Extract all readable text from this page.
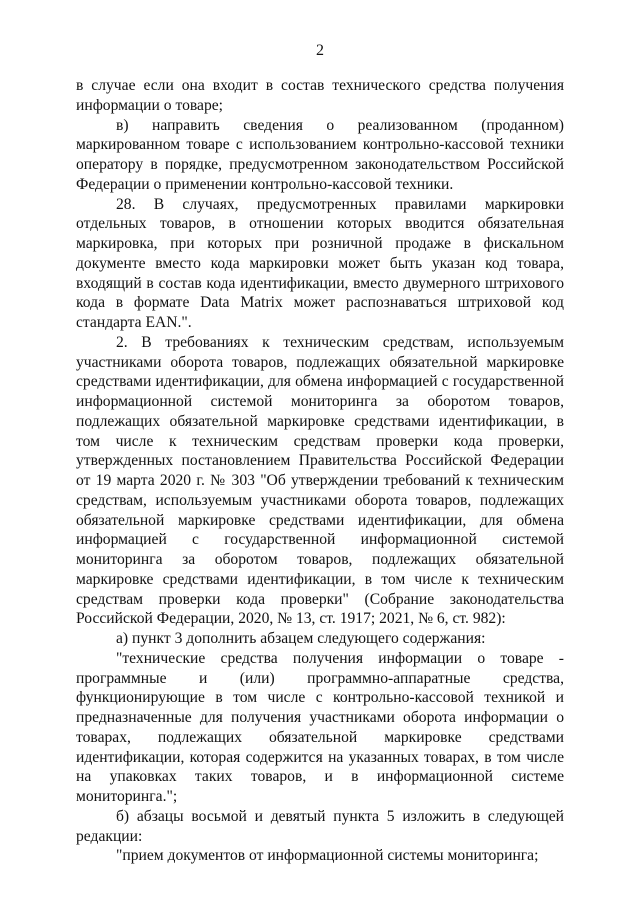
2

в случае если она входит в состав технического средства получения информации о товаре;

в) направить сведения о реализованном (проданном) маркированном товаре с использованием контрольно-кассовой техники оператору в порядке, предусмотренном законодательством Российской Федерации о применении контрольно-кассовой техники.

28. В случаях, предусмотренных правилами маркировки отдельных товаров, в отношении которых вводится обязательная маркировка, при которых при розничной продаже в фискальном документе вместо кода маркировки может быть указан код товара, входящий в состав кода идентификации, вместо двумерного штрихового кода в формате Data Matrix может распознаваться штриховой код стандарта EAN.".

2. В требованиях к техническим средствам, используемым участниками оборота товаров, подлежащих обязательной маркировке средствами идентификации, для обмена информацией с государственной информационной системой мониторинга за оборотом товаров, подлежащих обязательной маркировке средствами идентификации, в том числе к техническим средствам проверки кода проверки, утвержденных постановлением Правительства Российской Федерации от 19 марта 2020 г. № 303 "Об утверждении требований к техническим средствам, используемым участниками оборота товаров, подлежащих обязательной маркировке средствами идентификации, для обмена информацией с государственной информационной системой мониторинга за оборотом товаров, подлежащих обязательной маркировке средствами идентификации, в том числе к техническим средствам проверки кода проверки" (Собрание законодательства Российской Федерации, 2020, № 13, ст. 1917; 2021, № 6, ст. 982):

а) пункт 3 дополнить абзацем следующего содержания:

"технические средства получения информации о товаре - программные и (или) программно-аппаратные средства, функционирующие в том числе с контрольно-кассовой техникой и предназначенные для получения участниками оборота информации о товарах, подлежащих обязательной маркировке средствами идентификации, которая содержится на указанных товарах, в том числе на упаковках таких товаров, и в информационной системе мониторинга.";

б) абзацы восьмой и девятый пункта 5 изложить в следующей редакции:

"прием документов от информационной системы мониторинга;
